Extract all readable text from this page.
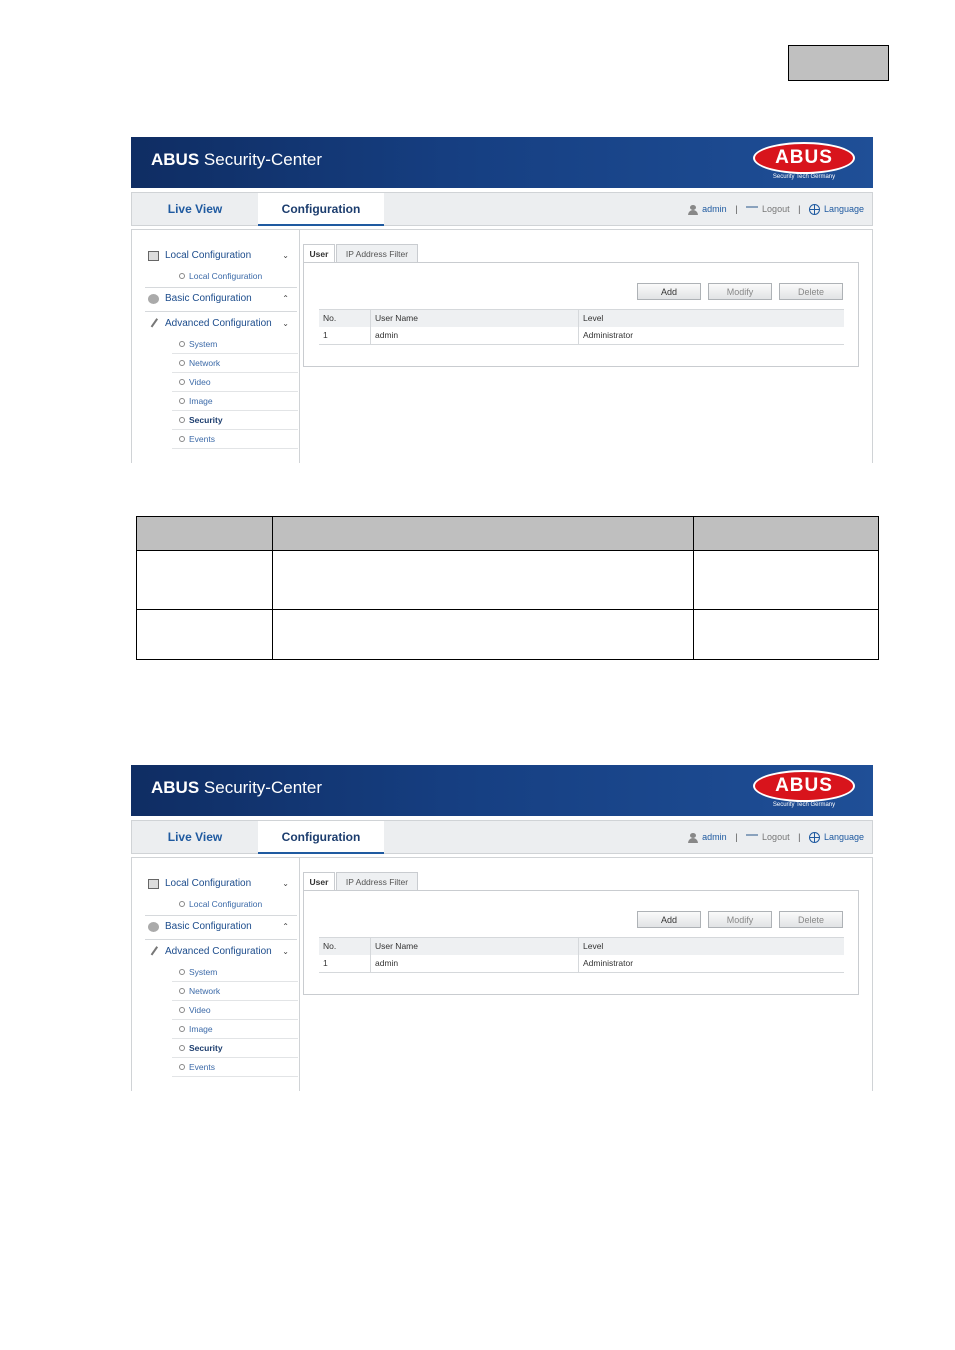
ABUS Security-Center	ABUS
Security Tech Germany
Live View	Configuration	admin |	Logout |	Language
Local Configuration	⌄
Local Configuration
Basic Configuration	⌃
Advanced Configuration ⌄
System
Network
Video
Image
Security
Events
User	IP Address Filter
Add	Modify	Delete
No.	User Name	Level
1	admin	Administrator
ABUS Security-Center	ABUS
Security Tech Germany
Live View	Configuration	admin |	Logout |	Language
Local Configuration	⌄
Local Configuration
Basic Configuration	⌃
Advanced Configuration ⌄
System
Network
Video
Image
Security
Events
User	IP Address Filter
Add	Modify	Delete
No.	User Name	Level
1	admin	Administrator
